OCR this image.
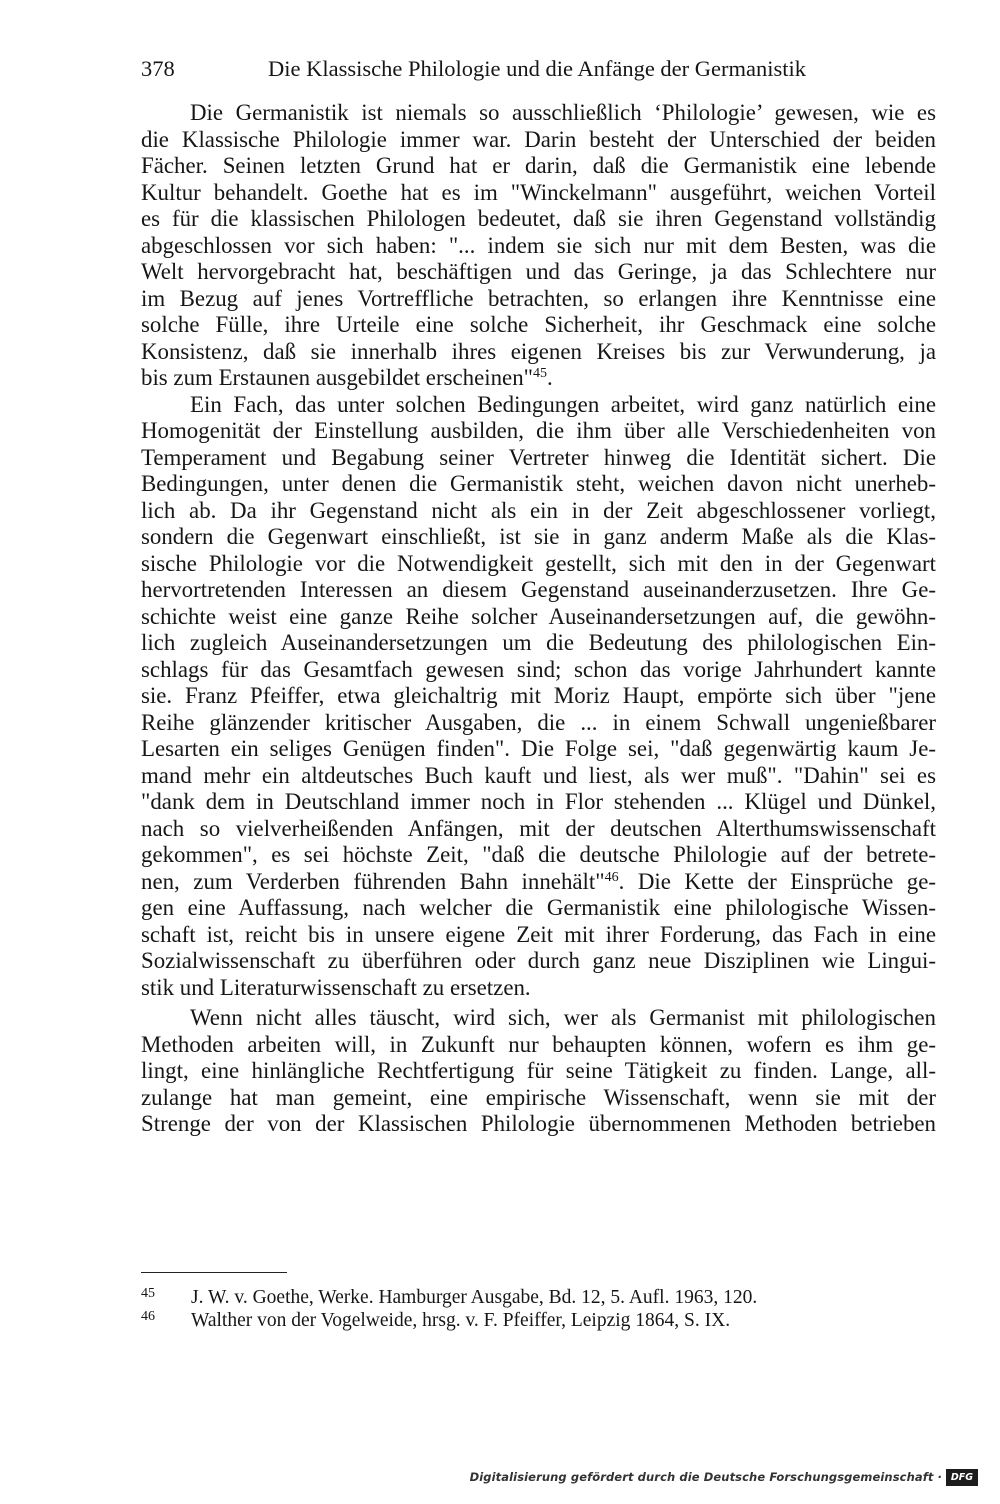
378	Die Klassische Philologie und die Anfänge der Germanistik
Die Germanistik ist niemals so ausschließlich ‘Philologie’ gewesen, wie es
die Klassische Philologie immer war. Darin besteht der Unterschied der beiden
Fächer. Seinen letzten Grund hat er darin, daß die Germanistik eine lebende
Kultur behandelt. Goethe hat es im "Winckelmann" ausgeführt, weichen Vorteil
es für die klassischen Philologen bedeutet, daß sie ihren Gegenstand vollständig
abgeschlossen vor sich haben: "... indem sie sich nur mit dem Besten, was die
Welt hervorgebracht hat, beschäftigen und das Geringe, ja das Schlechtere nur
im Bezug auf jenes Vortreffliche betrachten, so erlangen ihre Kenntnisse eine
solche Fülle, ihre Urteile eine solche Sicherheit, ihr Geschmack eine solche
Konsistenz, daß sie innerhalb ihres eigenen Kreises bis zur Verwunderung, ja
bis zum Erstaunen ausgebildet erscheinen"$^{45}$.
Ein Fach, das unter solchen Bedingungen arbeitet, wird ganz natürlich eine
Homogenität der Einstellung ausbilden, die ihm über alle Verschiedenheiten von
Temperament und Begabung seiner Vertreter hinweg die Identität sichert. Die
Bedingungen, unter denen die Germanistik steht, weichen davon nicht unerheb-
lich ab. Da ihr Gegenstand nicht als ein in der Zeit abgeschlossener vorliegt,
sondern die Gegenwart einschließt, ist sie in ganz anderm Maße als die Klas-
sische Philologie vor die Notwendigkeit gestellt, sich mit den in der Gegenwart
hervortretenden Interessen an diesem Gegenstand auseinanderzusetzen. Ihre Ge-
schichte weist eine ganze Reihe solcher Auseinandersetzungen auf, die gewöhn-
lich zugleich Auseinandersetzungen um die Bedeutung des philologischen Ein-
schlags für das Gesamtfach gewesen sind; schon das vorige Jahrhundert kannte
sie. Franz Pfeiffer, etwa gleichaltrig mit Moriz Haupt, empörte sich über "jene
Reihe glänzender kritischer Ausgaben, die ... in einem Schwall ungenießbarer
Lesarten ein seliges Genügen finden". Die Folge sei, "daß gegenwärtig kaum Je-
mand mehr ein altdeutsches Buch kauft und liest, als wer muß". "Dahin" sei es
"dank dem in Deutschland immer noch in Flor stehenden ... Klügel und Dünkel,
nach so vielverheißenden Anfängen, mit der deutschen Alterthumswissenschaft
gekommen", es sei höchste Zeit, "daß die deutsche Philologie auf der betrete-
nen, zum Verderben führenden Bahn innehält"$^{46}$. Die Kette der Einsprüche ge-
gen eine Auffassung, nach welcher die Germanistik eine philologische Wissen-
schaft ist, reicht bis in unsere eigene Zeit mit ihrer Forderung, das Fach in eine
Sozialwissenschaft zu überführen oder durch ganz neue Disziplinen wie Lingui-
stik und Literaturwissenschaft zu ersetzen.
Wenn nicht alles täuscht, wird sich, wer als Germanist mit philologischen
Methoden arbeiten will, in Zukunft nur behaupten können, wofern es ihm ge-
lingt, eine hinlängliche Rechtfertigung für seine Tätigkeit zu finden. Lange, all-
zulange hat man gemeint, eine empirische Wissenschaft, wenn sie mit der
Strenge der von der Klassischen Philologie übernommenen Methoden betrieben
45 J. W. v. Goethe, Werke. Hamburger Ausgabe, Bd. 12, 5. Aufl. 1963, 120.
46 Walther von der Vogelweide, hrsg. v. F. Pfeiffer, Leipzig 1864, S. IX.
Digitalisierung gefördert durch die Deutsche Forschungsgemeinschaft · DFG
